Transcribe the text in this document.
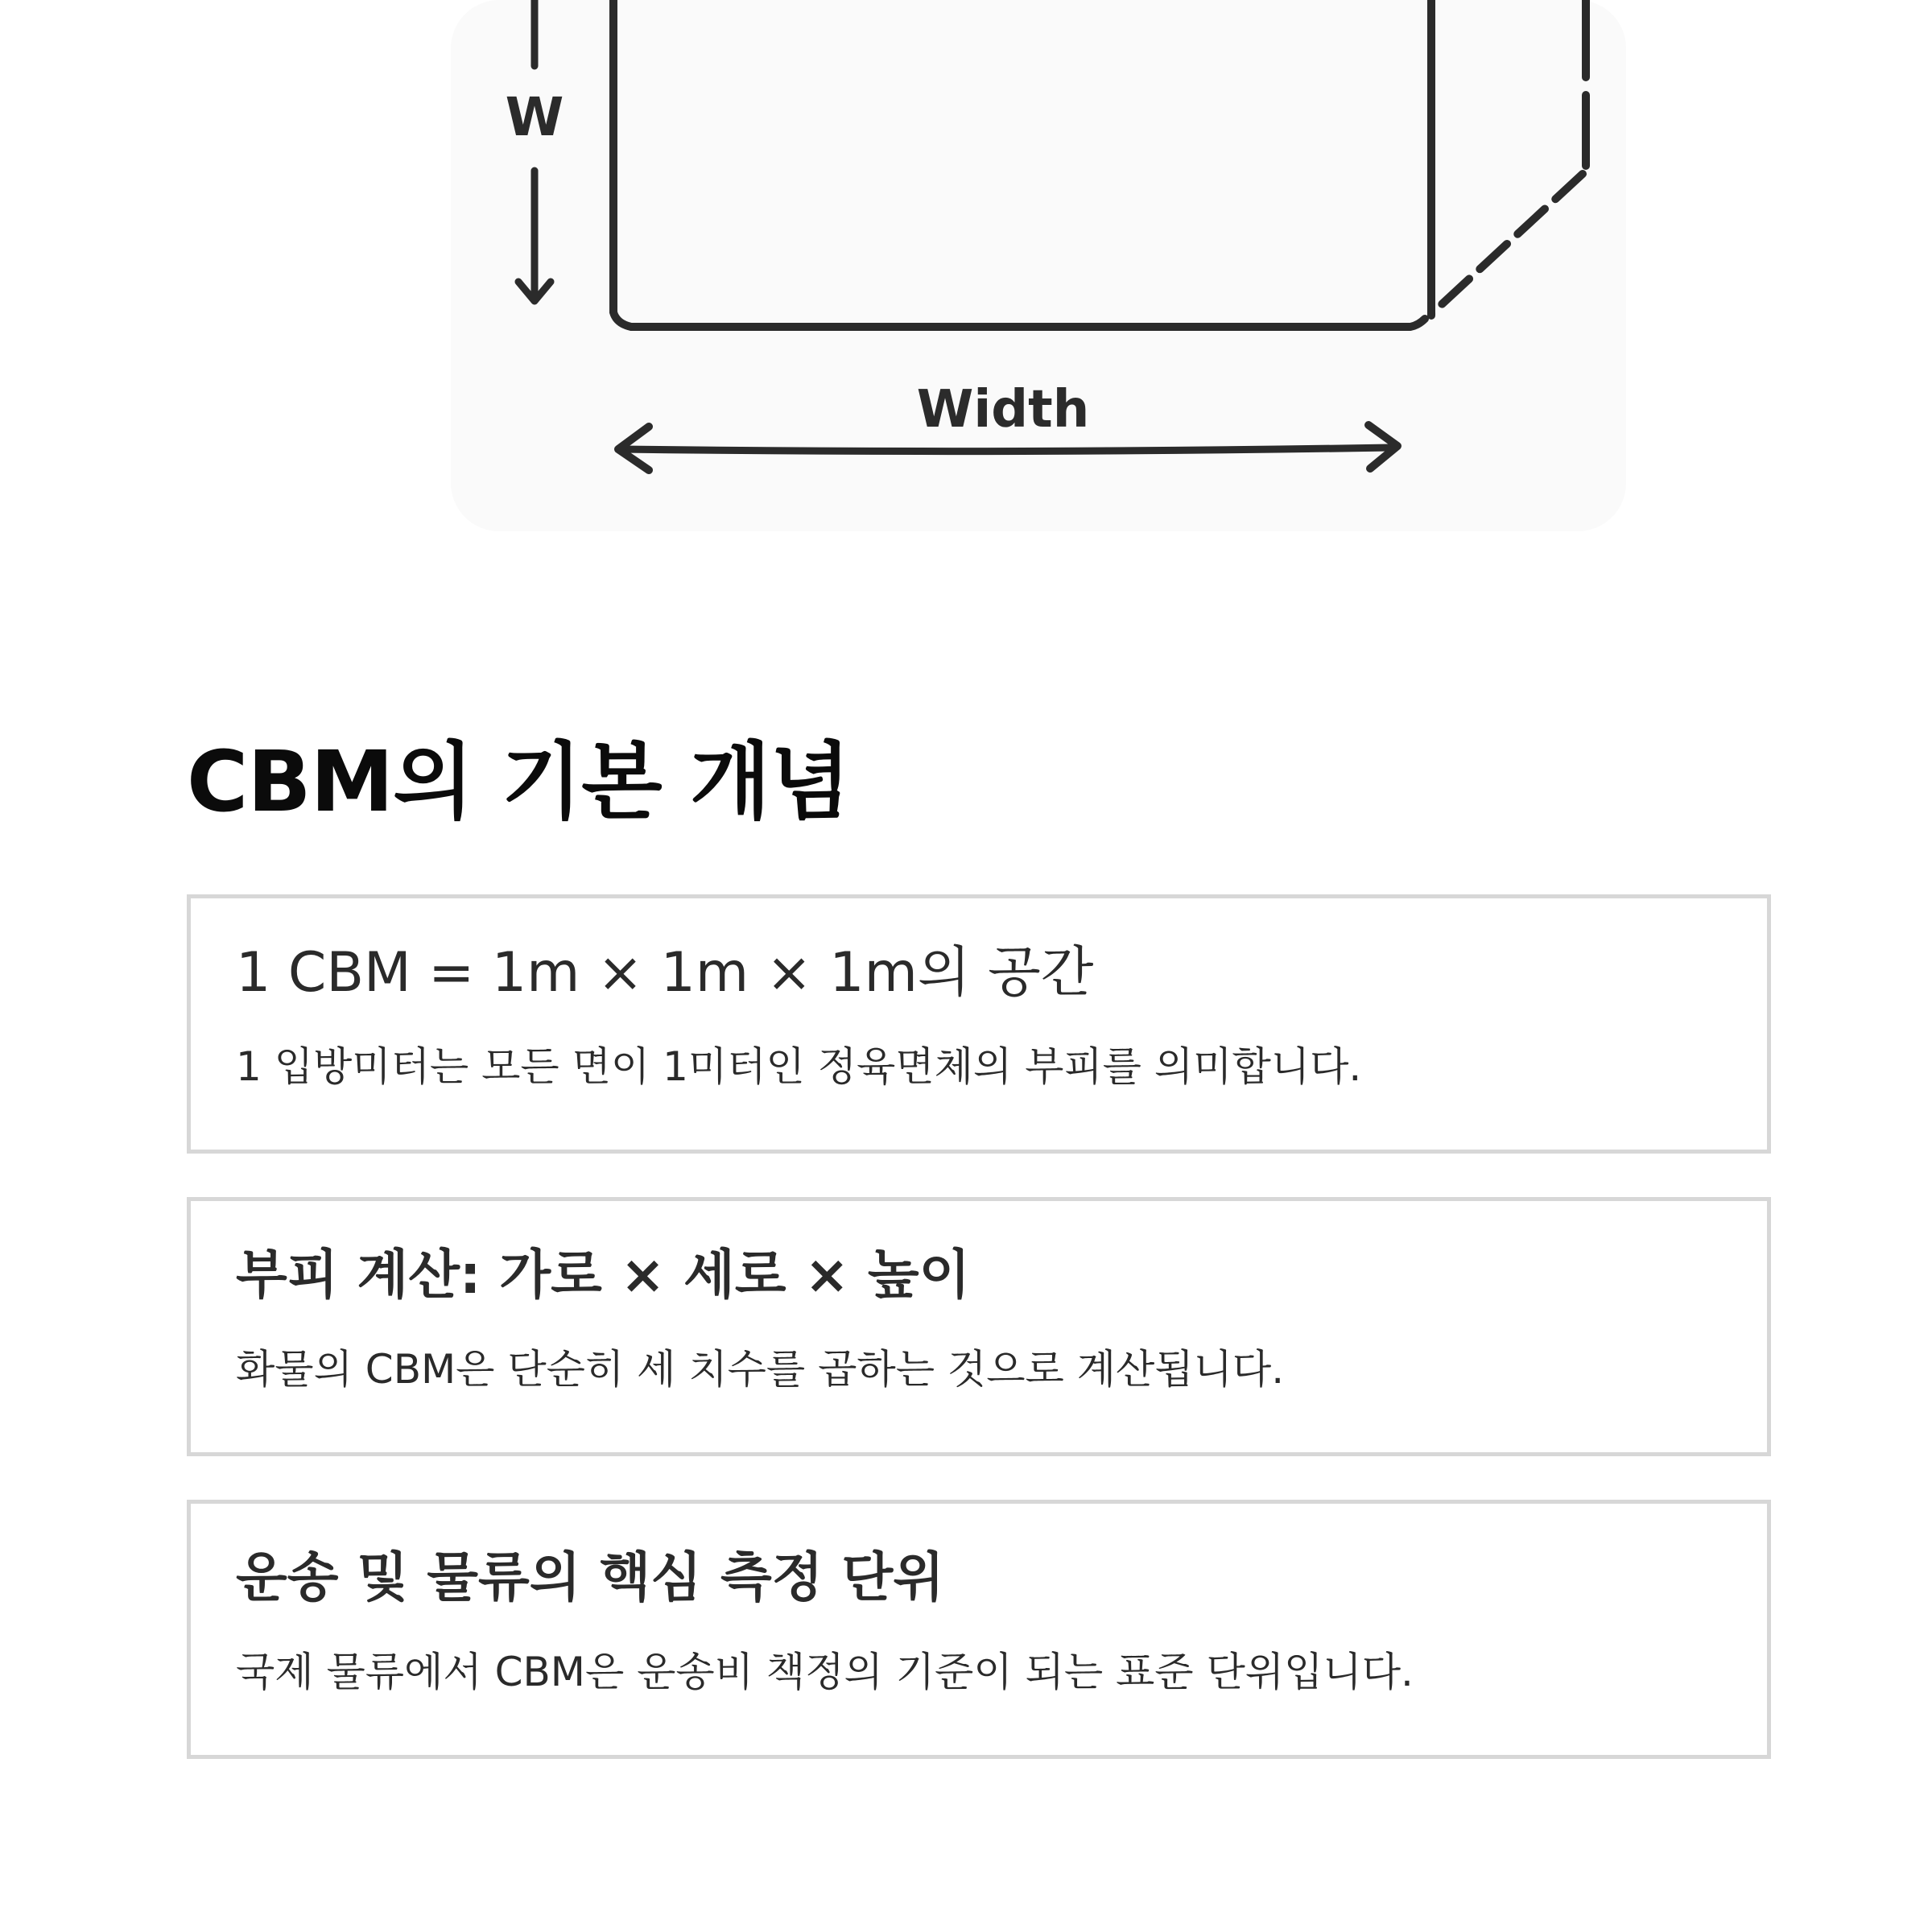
W
Width
CBM의 기본 개념
1 CBM = 1m × 1m × 1m의 공간

1 입방미터는 모든 면이 1미터인 정육면체의 부피를 의미합니다.

부피 계산: 가로 × 세로 × 높이

화물의 CBM은 단순히 세 치수를 곱하는 것으로 계산됩니다.

운송 및 물류의 핵심 측정 단위

국제 물류에서 CBM은 운송비 책정의 기준이 되는 표준 단위입니다.
